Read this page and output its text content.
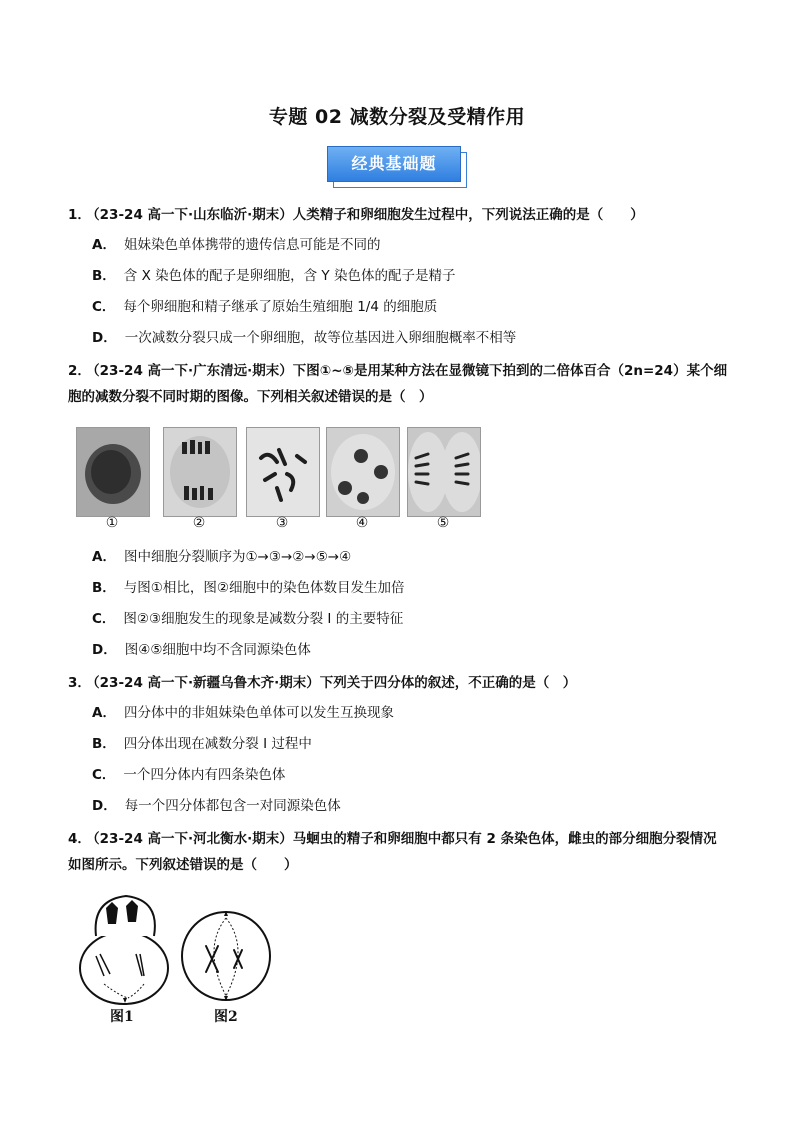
专题 02 减数分裂及受精作用
经典基础题
1． （23-24 高一下·山东临沂·期末）人类精子和卵细胞发生过程中，下列说法正确的是（　　）
A． 姐妹染色单体携带的遗传信息可能是不同的
B． 含 X 染色体的配子是卵细胞，含 Y 染色体的配子是精子
C． 每个卵细胞和精子继承了原始生殖细胞 1/4 的细胞质
D． 一次减数分裂只成一个卵细胞，故等位基因进入卵细胞概率不相等
2． （23-24 高一下·广东清远·期末）下图①~⑤是用某种方法在显微镜下拍到的二倍体百合（2n=24）某个细
胞的减数分裂不同时期的图像。下列相关叙述错误的是（　）
①	②	③	④	⑤
A． 图中细胞分裂顺序为①→③→②→⑤→④
B． 与图①相比，图②细胞中的染色体数目发生加倍
C． 图②③细胞发生的现象是减数分裂 I 的主要特征
D． 图④⑤细胞中均不含同源染色体
3． （23-24 高一下·新疆乌鲁木齐·期末）下列关于四分体的叙述，不正确的是（　）
A． 四分体中的非姐妹染色单体可以发生互换现象
B． 四分体出现在减数分裂 I 过程中
C． 一个四分体内有四条染色体
D． 每一个四分体都包含一对同源染色体
4． （23-24 高一下·河北衡水·期末）马蛔虫的精子和卵细胞中都只有 2 条染色体，雌虫的部分细胞分裂情况
如图所示。下列叙述错误的是（　　）
图1	图2
